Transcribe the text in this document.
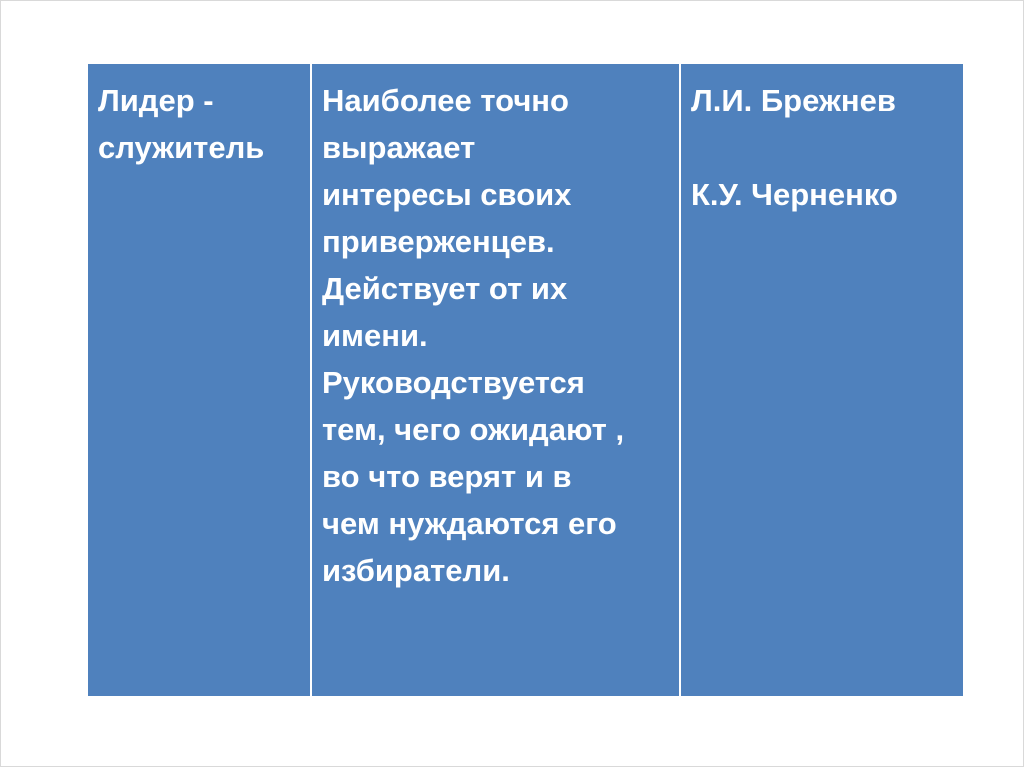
Лидер -
служитель
Наиболее точно
выражает
интересы своих
приверженцев.
Действует от их
имени.
Руководствуется
тем, чего ожидают ,
во что верят и в
чем нуждаются его
избиратели.
Л.И. Брежнев
К.У. Черненко
